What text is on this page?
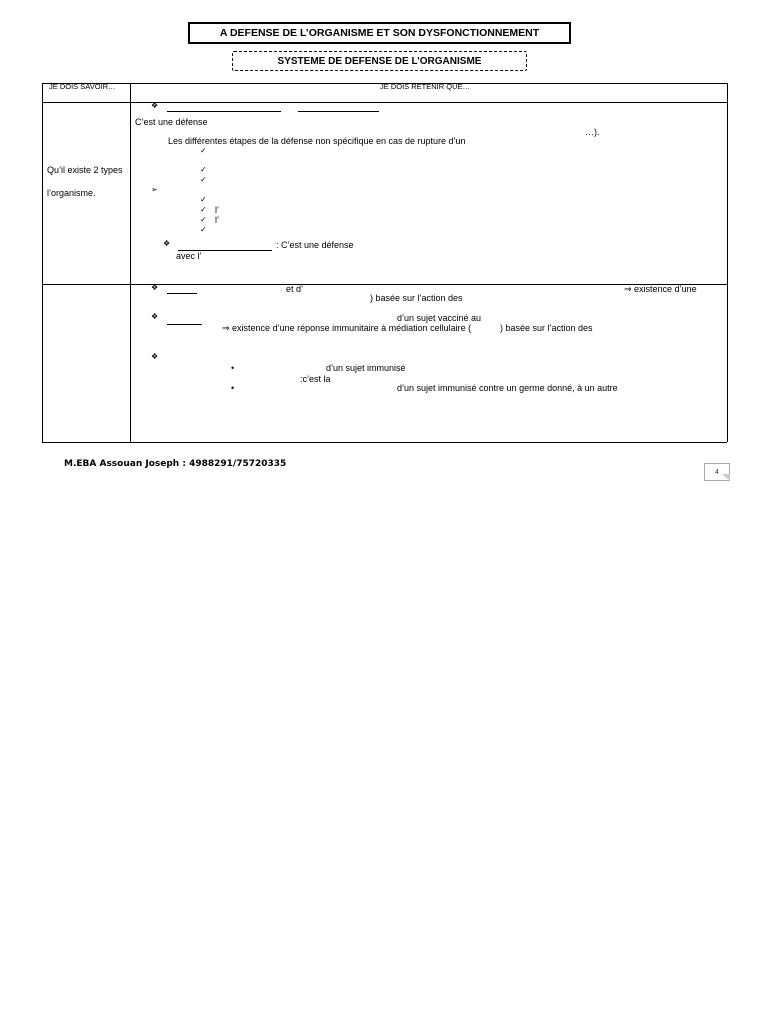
A DEFENSE DE L’ORGANISME ET SON DYSFONCTIONNEMENT
SYSTEME DE DEFENSE DE L’ORGANISME
JE DOIS SAVOIR…	JE DOIS RETENIR QUE…
Qu’il existe 2 types
l’organisme.
❖
C’est une défense
…).
Les différentes étapes de la défense non spécifique en cas de rupture d’un
✓
✓
✓
➢
✓
✓ l’
✓ l’
✓
❖	: C’est une défense
avec l’
❖	et d’	⇒ existence d’une
) basée sur l’action des
❖	d’un sujet vacciné au
⇒ existence d’une réponse immunitaire à médiation cellulaire (	) basée sur l’action des
❖
•	d’un sujet immunisé
:c’est la
•	d’un sujet immunisé contre un germe donné, à un autre
M.EBA Assouan Joseph : 4988291/75720335
4
